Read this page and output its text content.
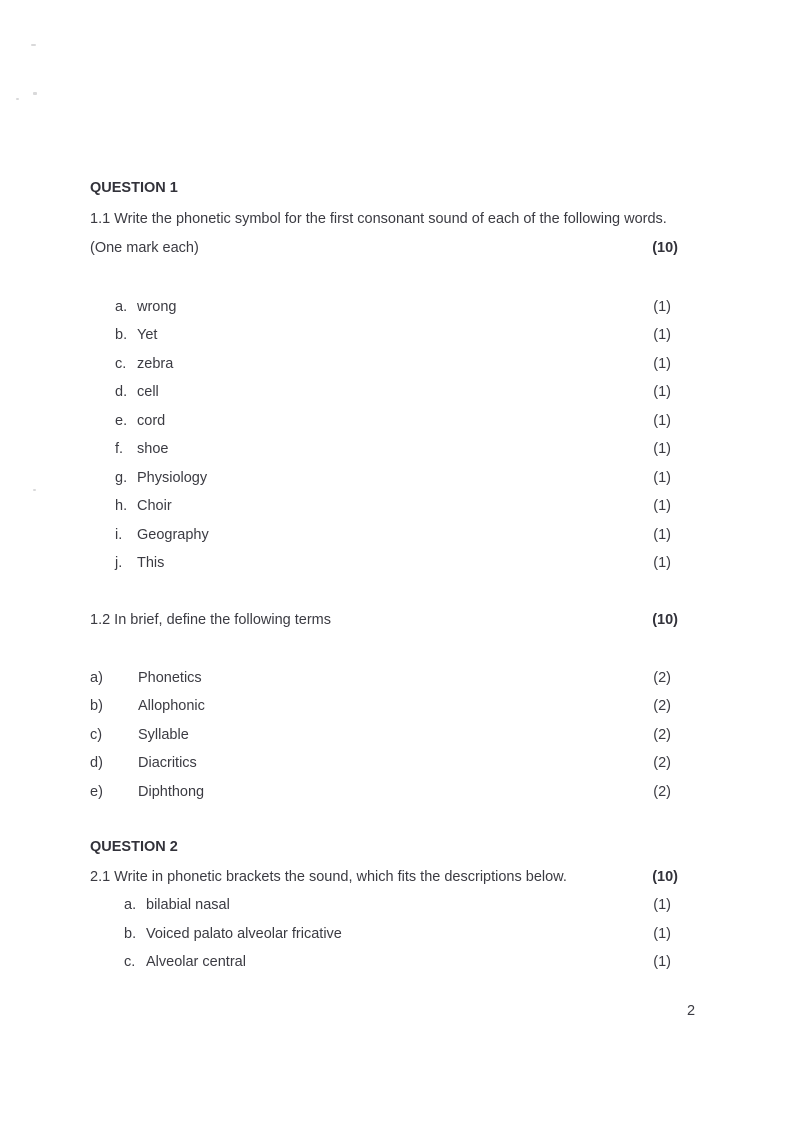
QUESTION 1
1.1 Write the phonetic symbol for the first consonant sound of each of the following words.
(One mark each)	(10)
a. wrong	(1)
b. Yet	(1)
c. zebra	(1)
d. cell	(1)
e. cord	(1)
f. shoe	(1)
g. Physiology	(1)
h. Choir	(1)
i.	Geography	(1)
j.	This	(1)
1.2 In brief, define the following terms	(10)
a)	Phonetics	(2)
b)	Allophonic	(2)
c)	Syllable	(2)
d)	Diacritics	(2)
e)	Diphthong	(2)
QUESTION 2
2.1 Write in phonetic brackets the sound, which fits the descriptions below.	(10)
a. bilabial nasal	(1)
b. Voiced palato alveolar fricative	(1)
c. Alveolar central	(1)
2
